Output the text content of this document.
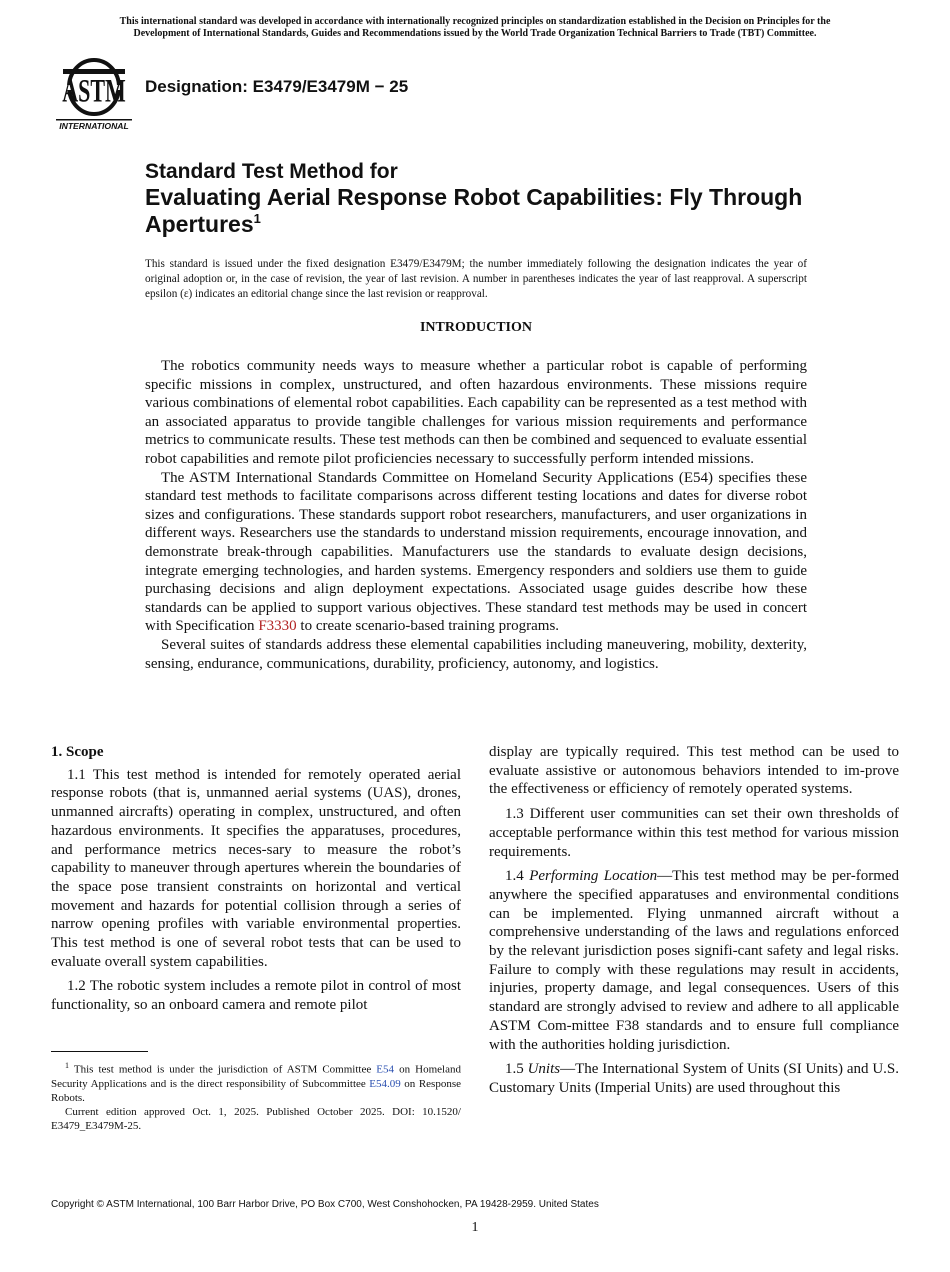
This international standard was developed in accordance with internationally recognized principles on standardization established in the Decision on Principles for the
Development of International Standards, Guides and Recommendations issued by the World Trade Organization Technical Barriers to Trade (TBT) Committee.
ASTM
INTERNATIONAL
Designation: E3479/E3479M − 25
Standard Test Method for
Evaluating Aerial Response Robot Capabilities: Fly Through
Apertures$^1$
This standard is issued under the fixed designation E3479/E3479M; the number immediately following the designation indicates the year of original adoption or, in the case of revision, the year of last revision. A number in parentheses indicates the year of last reapproval. A superscript epsilon (ε) indicates an editorial change since the last revision or reapproval.
INTRODUCTION

The robotics community needs ways to measure whether a particular robot is capable of performing specific missions in complex, unstructured, and often hazardous environments. These missions require various combinations of elemental robot capabilities. Each capability can be represented as a test method with an associated apparatus to provide tangible challenges for various mission requirements and performance metrics to communicate results. These test methods can then be combined and sequenced to evaluate essential robot capabilities and remote pilot proficiencies necessary to successfully perform intended missions.

The ASTM International Standards Committee on Homeland Security Applications (E54) specifies these standard test methods to facilitate comparisons across different testing locations and dates for diverse robot sizes and configurations. These standards support robot researchers, manufacturers, and user organizations in different ways. Researchers use the standards to understand mission requirements, encourage innovation, and demonstrate break-through capabilities. Manufacturers use the standards to evaluate design decisions, integrate emerging technologies, and harden systems. Emergency responders and soldiers use them to guide purchasing decisions and align deployment expectations. Associated usage guides describe how these standards can be applied to support various objectives. These standard test methods may be used in concert with Specification F3330 to create scenario-based training programs.

Several suites of standards address these elemental capabilities including maneuvering, mobility, dexterity, sensing, endurance, communications, durability, proficiency, autonomy, and logistics.

1. Scope

1.1 This test method is intended for remotely operated aerial response robots (that is, unmanned aerial systems (UAS), drones, unmanned aircrafts) operating in complex, unstructured, and often hazardous environments. It specifies the apparatuses, procedures, and performance metrics neces-sary to measure the robot’s capability to maneuver through apertures wherein the boundaries of the space pose transient constraints on horizontal and vertical movement and hazards for potential collision through a series of narrow opening profiles with variable environmental properties. This test method is one of several robot tests that can be used to evaluate overall system capabilities.

1.2 The robotic system includes a remote pilot in control of most functionality, so an onboard camera and remote pilot

display are typically required. This test method can be used to evaluate assistive or autonomous behaviors intended to im-prove the effectiveness or efficiency of remotely operated systems.

1.3 Different user communities can set their own thresholds of acceptable performance within this test method for various mission requirements.

1.4 Performing Location—This test method may be per-formed anywhere the specified apparatuses and environmental conditions can be implemented. Flying unmanned aircraft without a comprehensive understanding of the laws and regulations enforced by the relevant jurisdiction poses signifi-cant safety and legal risks. Failure to comply with these regulations may result in accidents, injuries, property damage, and legal consequences. Users of this standard are strongly advised to review and adhere to all applicable ASTM Com-mittee F38 standards and to ensure full compliance with the authorities holding jurisdiction.

1.5 Units—The International System of Units (SI Units) and U.S. Customary Units (Imperial Units) are used throughout this

$^1$ This test method is under the jurisdiction of ASTM Committee E54 on Homeland Security Applications and is the direct responsibility of Subcommittee E54.09 on Response Robots.

Current edition approved Oct. 1, 2025. Published October 2025. DOI: 10.1520/ E3479_E3479M-25.

Copyright © ASTM International, 100 Barr Harbor Drive, PO Box C700, West Conshohocken, PA 19428-2959. United States
1
